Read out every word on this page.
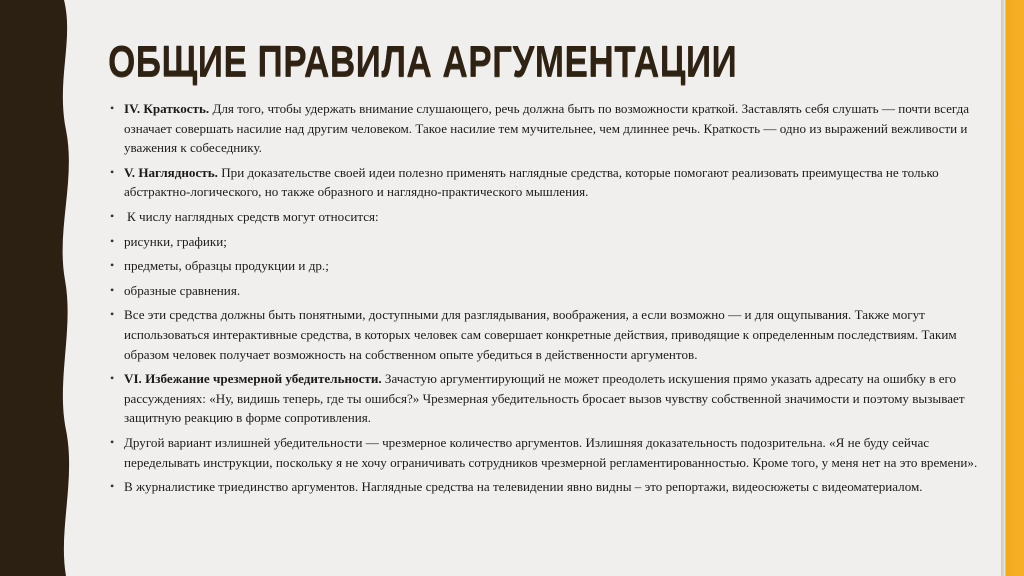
ОБЩИЕ ПРАВИЛА АРГУМЕНТАЦИИ
• IV. Краткость. Для того, чтобы удержать внимание слушающего, речь должна быть по возможности краткой. Заставлять себя слушать — почти всегда означает совершать насилие над другим человеком. Такое насилие тем мучительнее, чем длиннее речь. Краткость — одно из выражений вежливости и уважения к собеседнику.
• V. Наглядность. При доказательстве своей идеи полезно применять наглядные средства, которые помогают реализовать преимущества не только абстрактно-логического, но также образного и наглядно-практического мышления.
• К числу наглядных средств могут относится:
• рисунки, графики;
• предметы, образцы продукции и др.;
• образные сравнения.
• Все эти средства должны быть понятными, доступными для разглядывания, воображения, а если возможно — и для ощупывания. Также могут использоваться интерактивные средства, в которых человек сам совершает конкретные действия, приводящие к определенным последствиям. Таким образом человек получает возможность на собственном опыте убедиться в действенности аргументов.
• VI. Избежание чрезмерной убедительности. Зачастую аргументирующий не может преодолеть искушения прямо указать адресату на ошибку в его рассуждениях: «Ну, видишь теперь, где ты ошибся?» Чрезмерная убедительность бросает вызов чувству собственной значимости и поэтому вызывает защитную реакцию в форме сопротивления.
• Другой вариант излишней убедительности — чрезмерное количество аргументов. Излишняя доказательность подозрительна. «Я не буду сейчас переделывать инструкции, поскольку я не хочу ограничивать сотрудников чрезмерной регламентированностью. Кроме того, у меня нет на это времени».
• В журналистике триединство аргументов. Наглядные средства на телевидении явно видны – это репортажи, видеосюжеты с видеоматериалом.
